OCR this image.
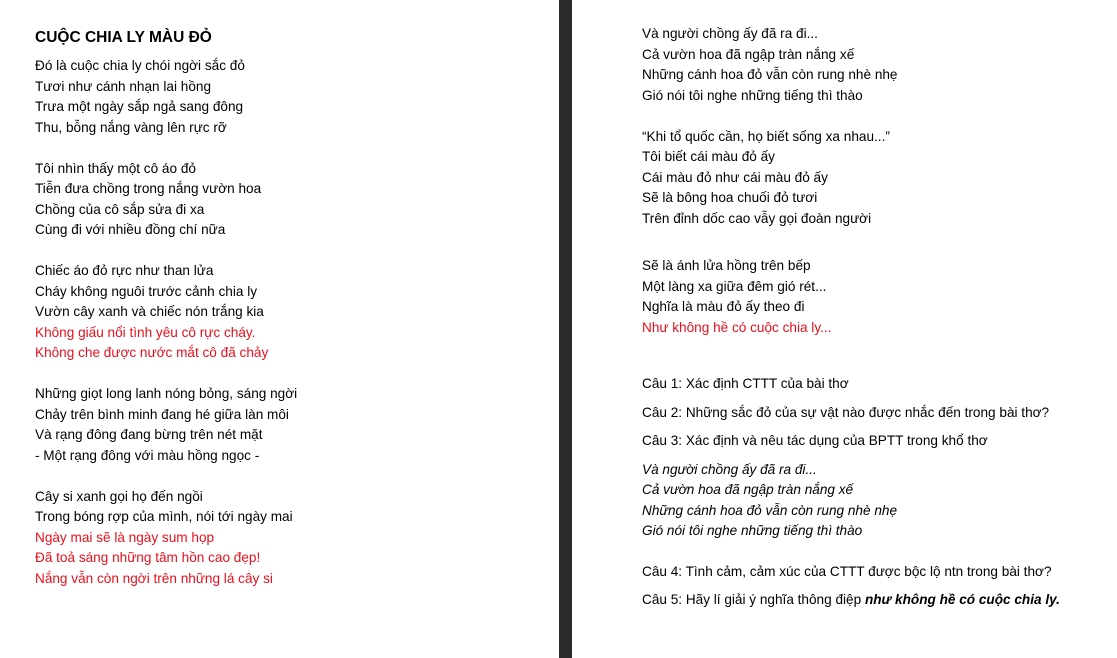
CUỘC CHIA LY MÀU ĐỎ
Đó là cuộc chia ly chói ngời sắc đỏ
Tươi như cánh nhạn lai hồng
Trưa một ngày sắp ngả sang đông
Thu, bỗng nắng vàng lên rực rỡ
Tôi nhìn thấy một cô áo đỏ
Tiễn đưa chồng trong nắng vườn hoa
Chồng của cô sắp sửa đi xa
Cùng đi với nhiều đồng chí nữa
Chiếc áo đỏ rực như than lửa
Cháy không nguôi trước cảnh chia ly
Vườn cây xanh và chiếc nón trắng kia
Không giấu nổi tình yêu cô rực cháy.
Không che được nước mắt cô đã chảy
Những giọt long lanh nóng bỏng, sáng ngời
Chảy trên bình minh đang hé giữa làn môi
Và rạng đông đang bừng trên nét mặt
- Một rạng đông với màu hồng ngọc -
Cây si xanh gọi họ đến ngồi
Trong bóng rợp của mình, nói tới ngày mai
Ngày mai sẽ là ngày sum họp
Đã toả sáng những tâm hồn cao đẹp!
Nắng vẫn còn ngời trên những lá cây si
Và người chồng ấy đã ra đi...
Cả vườn hoa đã ngập tràn nắng xế
Những cánh hoa đỏ vẫn còn rung nhè nhẹ
Gió nói tôi nghe những tiếng thì thào
“Khi tổ quốc cần, họ biết sống xa nhau...”
Tôi biết cái màu đỏ ấy
Cái màu đỏ như cái màu đỏ ấy
Sẽ là bông hoa chuối đỏ tươi
Trên đỉnh dốc cao vẫy gọi đoàn người
Sẽ là ánh lửa hồng trên bếp
Một làng xa giữa đêm gió rét...
Nghĩa là màu đỏ ấy theo đi
Như không hề có cuộc chia ly...
Câu 1: Xác định CTTT của bài thơ
Câu 2: Những sắc đỏ của sự vật nào được nhắc đến trong bài thơ?
Câu 3: Xác định và nêu tác dụng của BPTT trong khổ thơ
Và người chồng ấy đã ra đi...
Cả vườn hoa đã ngập tràn nắng xế
Những cánh hoa đỏ vẫn còn rung nhè nhẹ
Gió nói tôi nghe những tiếng thì thào
Câu 4: Tình cảm, cảm xúc của CTTT được bộc lộ ntn trong bài thơ?
Câu 5: Hãy lí giải ý nghĩa thông điệp như không hề có cuộc chia ly.
